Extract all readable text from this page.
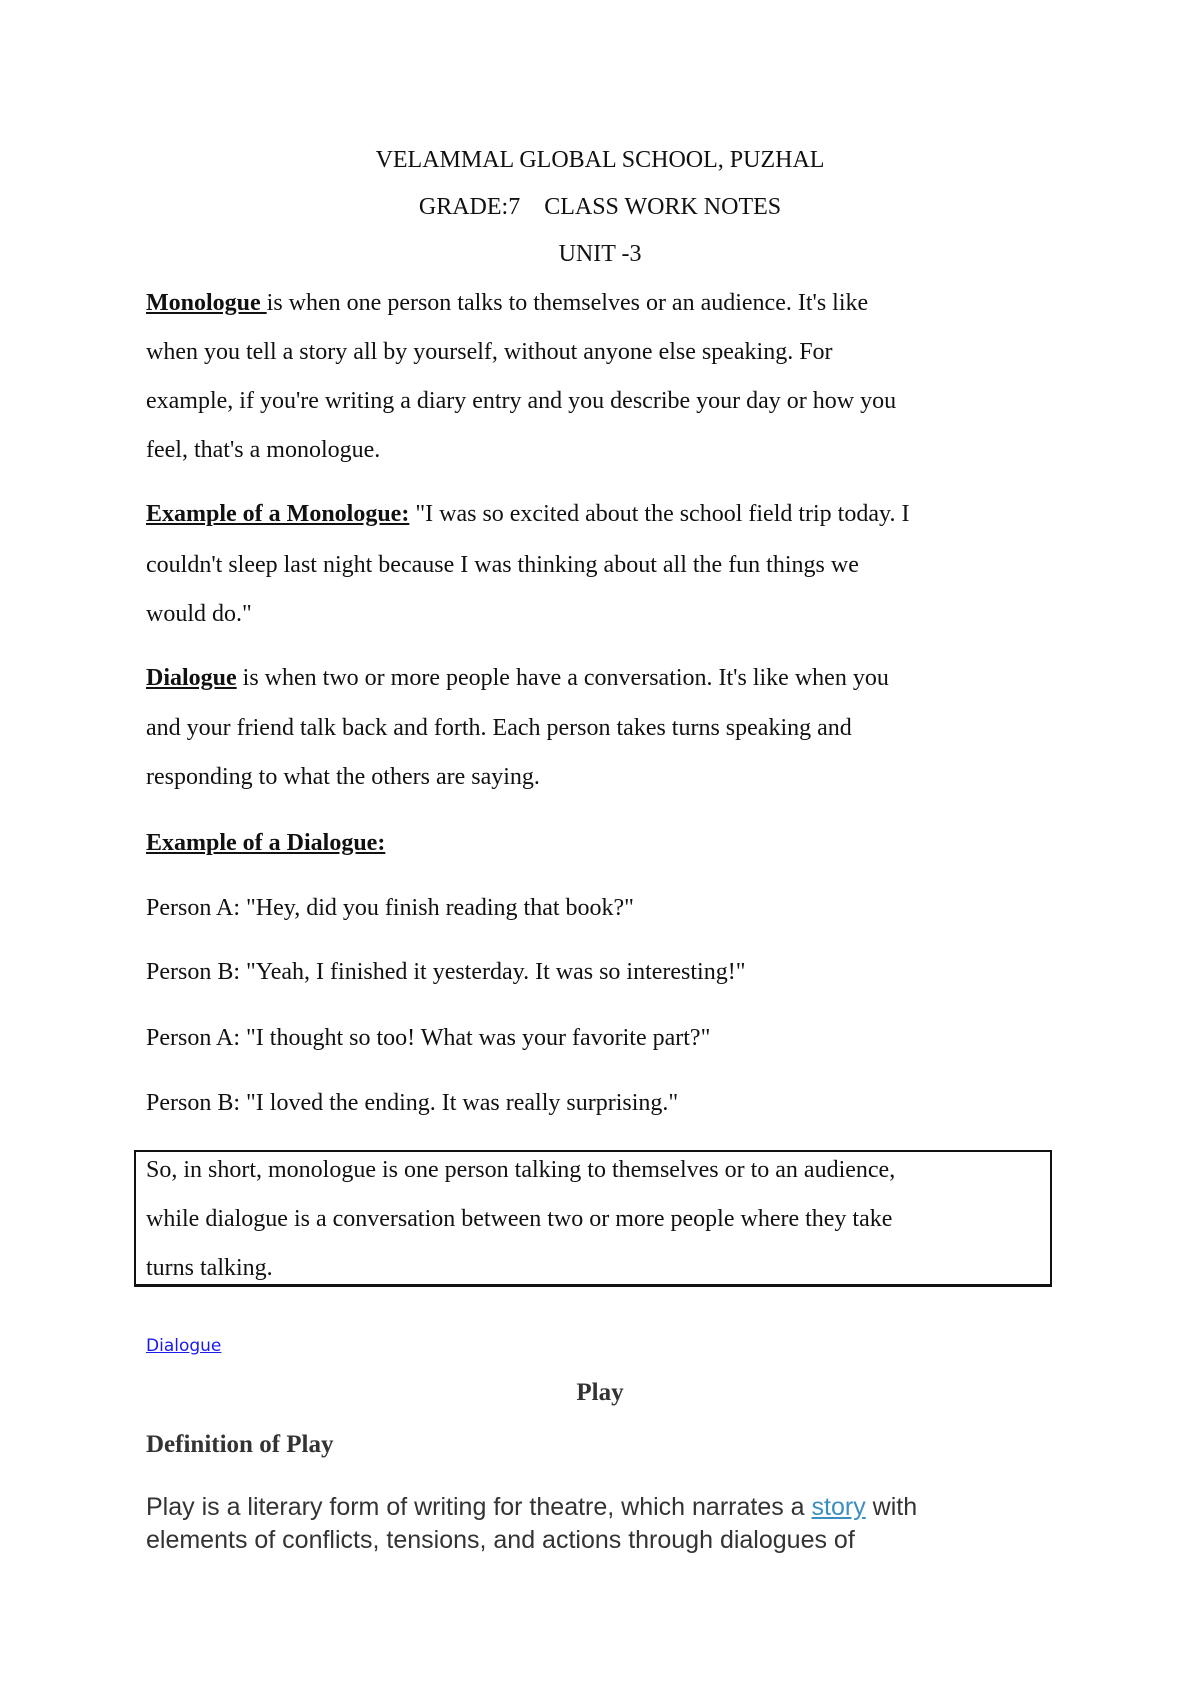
VELAMMAL GLOBAL SCHOOL, PUZHAL
GRADE:7    CLASS WORK NOTES
UNIT -3
Monologue is when one person talks to themselves or an audience. It's like
when you tell a story all by yourself, without anyone else speaking. For
example, if you're writing a diary entry and you describe your day or how you
feel, that's a monologue.
Example of a Monologue: "I was so excited about the school field trip today. I
couldn't sleep last night because I was thinking about all the fun things we
would do."
Dialogue is when two or more people have a conversation. It's like when you
and your friend talk back and forth. Each person takes turns speaking and
responding to what the others are saying.
Example of a Dialogue:
Person A: "Hey, did you finish reading that book?"
Person B: "Yeah, I finished it yesterday. It was so interesting!"
Person A: "I thought so too! What was your favorite part?"
Person B: "I loved the ending. It was really surprising."
So, in short, monologue is one person talking to themselves or to an audience,
while dialogue is a conversation between two or more people where they take
turns talking.
Dialogue
Play
Definition of Play
Play is a literary form of writing for theatre, which narrates a story with
elements of conflicts, tensions, and actions through dialogues of
